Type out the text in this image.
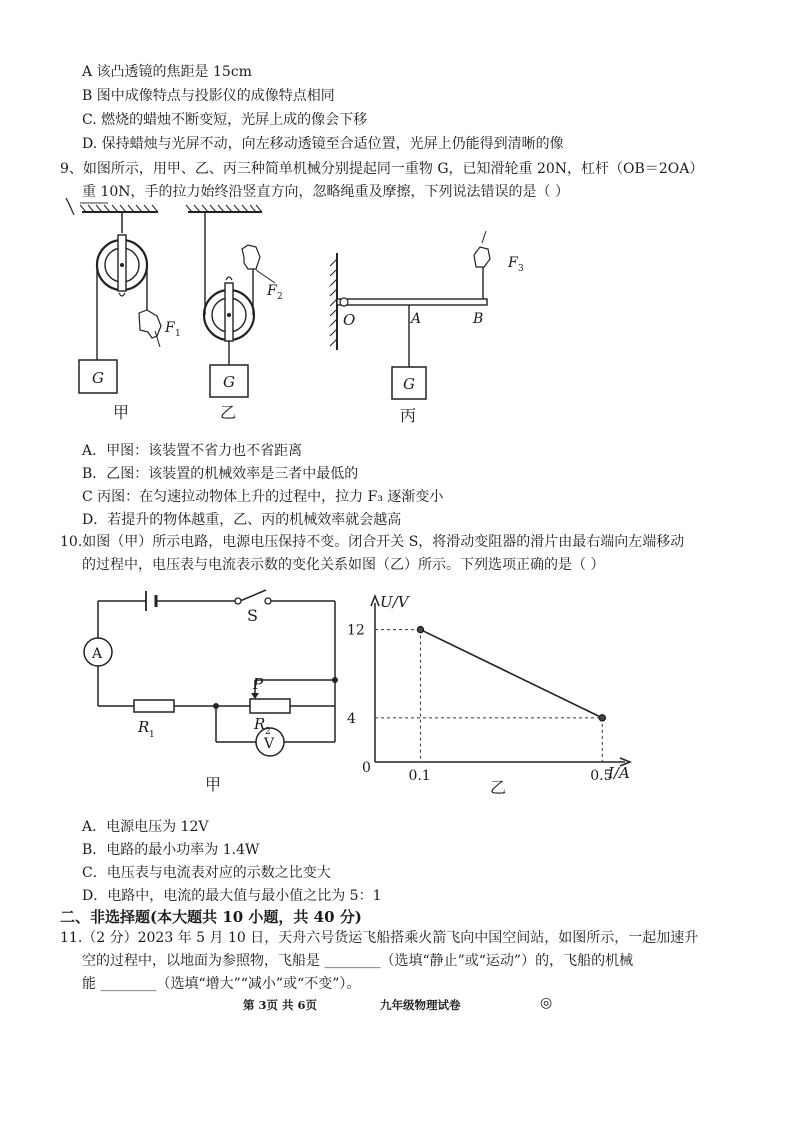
A 该凸透镜的焦距是 15cm
B 图中成像特点与投影仪的成像特点相同
C. 燃烧的蜡烛不断变短，光屏上成的像会下移
D. 保持蜡烛与光屏不动，向左移动透镜至合适位置，光屏上仍能得到清晰的像
9、如图所示，用甲、乙、丙三种简单机械分别提起同一重物 G，已知滑轮重 20N，杠杆（OB＝2OA）
重 10N，手的拉力始终沿竖直方向，忽略绳重及摩擦，下列说法错误的是（ ）
G
F 1
甲
G
F 2
乙
G
O	A	B
F 3
丙
A．甲图：该装置不省力也不省距离
B．乙图：该装置的机械效率是三者中最低的
C 丙图：在匀速拉动物体上升的过程中，拉力 F₃ 逐渐变小
D．若提升的物体越重，乙、丙的机械效率就会越高
10.如图（甲）所示电路，电源电压保持不变。闭合开关 S，将滑动变阻器的滑片由最右端向左端移动
的过程中，电压表与电流表示数的变化关系如图（乙）所示。下列选项正确的是（ ）
A
V
S
P
R 1
R 2
甲
U/V
I/A
0
乙
0.1	0.5
12
4
A．电源电压为 12V
B．电路的最小功率为 1.4W
C．电压表与电流表对应的示数之比变大
D．电路中，电流的最大值与最小值之比为 5：1
二、非选择题(本大题共 10 小题，共 40 分)
11.（2 分）2023 年 5 月 10 日，天舟六号货运飞船搭乘火箭飞向中国空间站，如图所示，一起加速升
空的过程中，以地面为参照物，飞船是 ________（选填“静止”或“运动”）的，飞船的机械
能 ________（选填“增大”“减小”或“不变”）。
第 3页 共 6页	九年级物理试卷	◎
